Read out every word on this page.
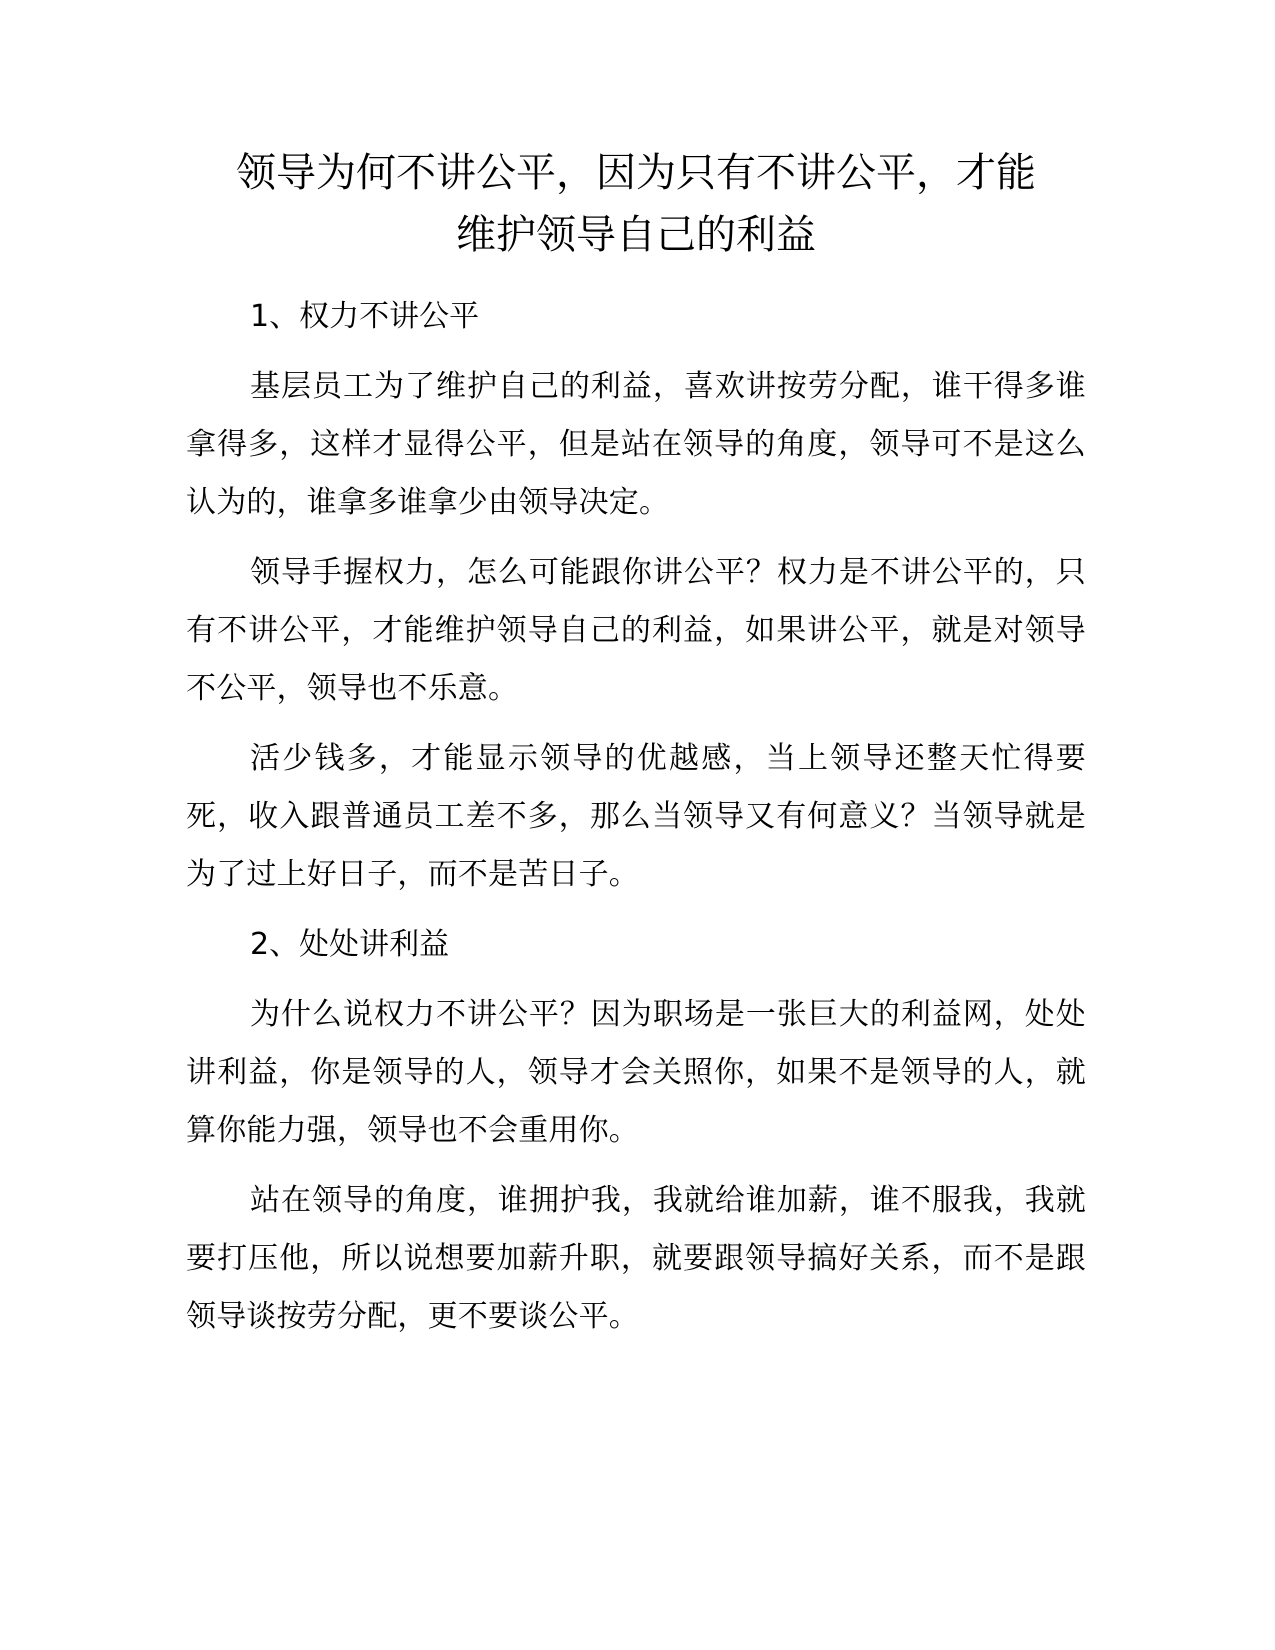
领导为何不讲公平，因为只有不讲公平，才能
维护领导自己的利益

1、权力不讲公平

基层员工为了维护自己的利益，喜欢讲按劳分配，谁干得多谁拿得多，这样才显得公平，但是站在领导的角度，领导可不是这么认为的，谁拿多谁拿少由领导决定。

领导手握权力，怎么可能跟你讲公平？权力是不讲公平的，只有不讲公平，才能维护领导自己的利益，如果讲公平，就是对领导不公平，领导也不乐意。

活少钱多，才能显示领导的优越感，当上领导还整天忙得要死，收入跟普通员工差不多，那么当领导又有何意义？当领导就是为了过上好日子，而不是苦日子。

2、处处讲利益

为什么说权力不讲公平？因为职场是一张巨大的利益网，处处讲利益，你是领导的人，领导才会关照你，如果不是领导的人，就算你能力强，领导也不会重用你。

站在领导的角度，谁拥护我，我就给谁加薪，谁不服我，我就要打压他，所以说想要加薪升职，就要跟领导搞好关系，而不是跟领导谈按劳分配，更不要谈公平。
